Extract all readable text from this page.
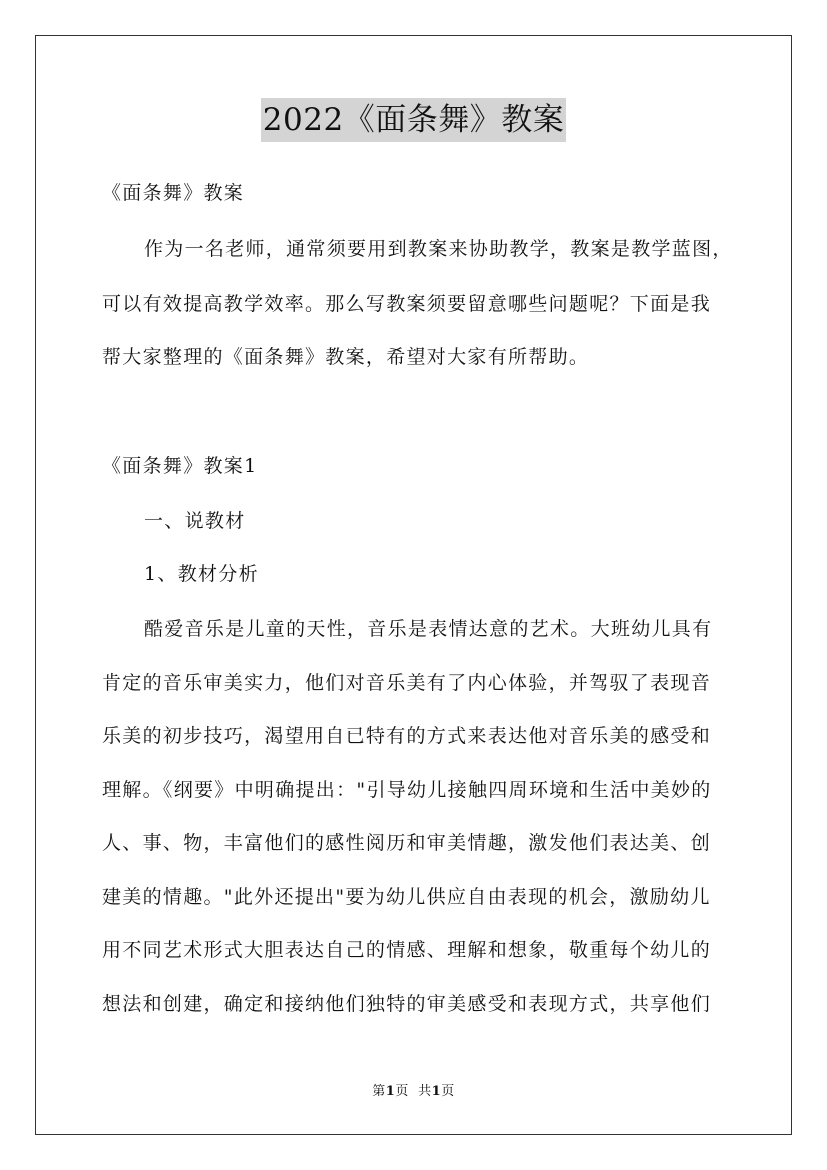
2022《面条舞》教案
《面条舞》教案
作为一名老师，通常须要用到教案来协助教学，教案是教学蓝图，
可以有效提高教学效率。那么写教案须要留意哪些问题呢？下面是我
帮大家整理的《面条舞》教案，希望对大家有所帮助。
《面条舞》教案1
一、说教材
1、教材分析
酷爱音乐是儿童的天性，音乐是表情达意的艺术。大班幼儿具有
肯定的音乐审美实力，他们对音乐美有了内心体验，并驾驭了表现音
乐美的初步技巧，渴望用自已特有的方式来表达他对音乐美的感受和
理解。《纲要》中明确提出："引导幼儿接触四周环境和生活中美妙的
人、事、物，丰富他们的感性阅历和审美情趣，激发他们表达美、创
建美的情趣。"此外还提出"要为幼儿供应自由表现的机会，激励幼儿
用不同艺术形式大胆表达自己的情感、理解和想象，敬重每个幼儿的
想法和创建，确定和接纳他们独特的审美感受和表现方式，共享他们
第1页 共1页
